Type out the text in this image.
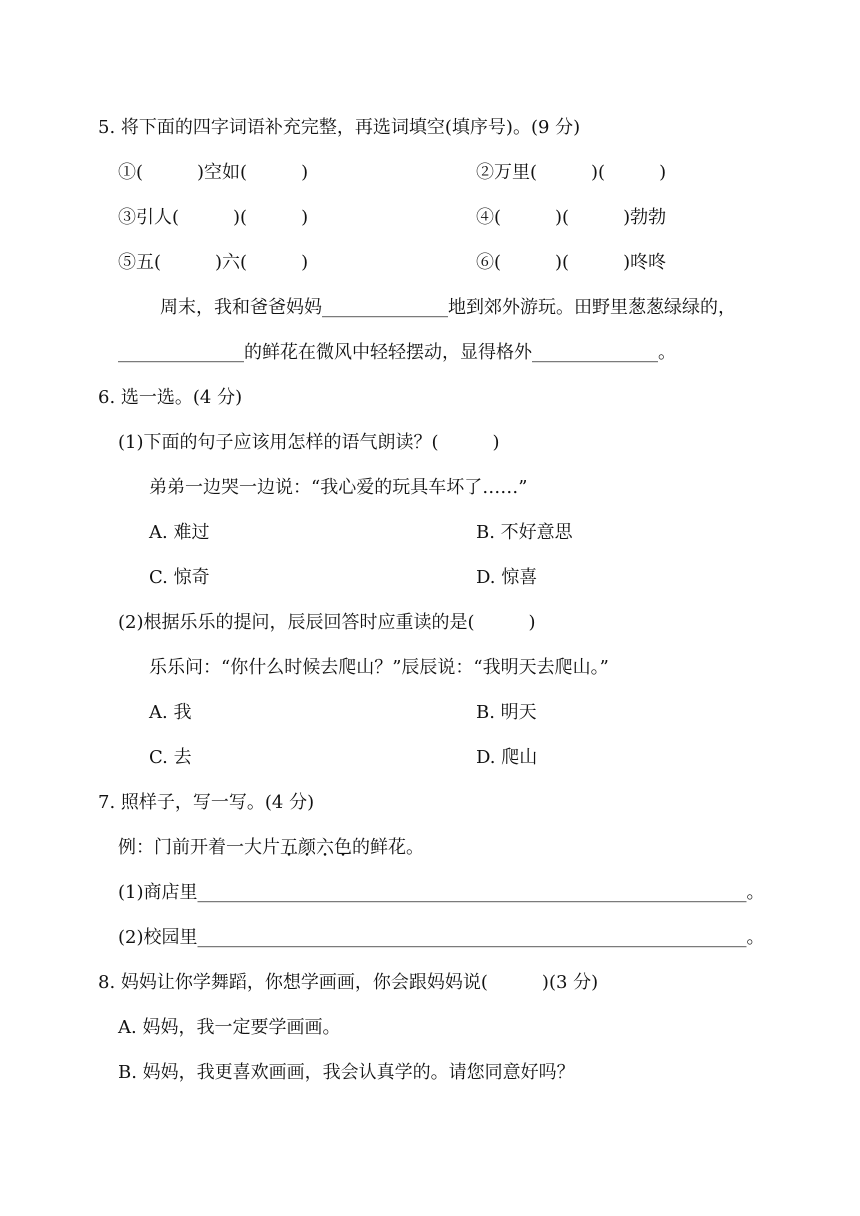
5. 将下面的四字词语补充完整，再选词填空(填序号)。(9 分)
①(　　　)空如(　　　)	②万里(　　　)(　　　)
③引人(　　　)(　　　)	④(　　　)(　　　)勃勃
⑤五(　　　)六(　　　)	⑥(　　　)(　　　)咚咚
周末，我和爸爸妈妈______________地到郊外游玩。田野里葱葱绿绿的，
______________的鲜花在微风中轻轻摆动，显得格外______________。
6. 选一选。(4 分)
(1)下面的句子应该用怎样的语气朗读？(　　　)
弟弟一边哭一边说：“我心爱的玩具车坏了……”
A. 难过	B. 不好意思
C. 惊奇	D. 惊喜
(2)根据乐乐的提问，辰辰回答时应重读的是(　　　)
乐乐问：“你什么时候去爬山？”辰辰说：“我明天去爬山。”
A. 我	B. 明天
C. 去	D. 爬山
7. 照样子，写一写。(4 分)
例：门前开着一大片五颜六色的鲜花。
(1)商店里_____________________________________________________________。
(2)校园里_____________________________________________________________。
8. 妈妈让你学舞蹈，你想学画画，你会跟妈妈说(　　　)(3 分)
A. 妈妈，我一定要学画画。
B. 妈妈，我更喜欢画画，我会认真学的。请您同意好吗？
